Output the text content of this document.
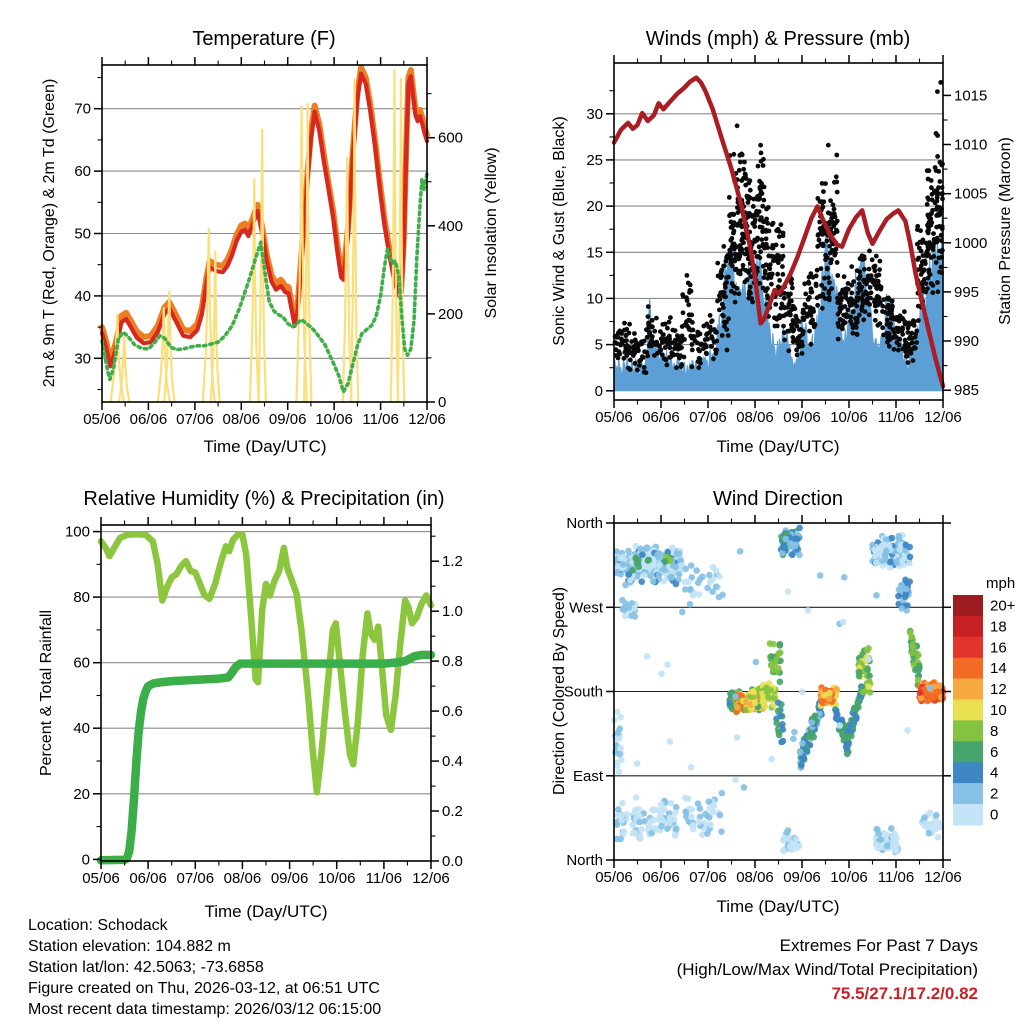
05/06 06/06 07/06 08/06 09/06 10/06 11/06 12/06
30
40
50
60
70
0
200
400
600
05/06 06/06 07/06 08/06 09/06 10/06 11/06 12/06
0
5
10
15
20
25
30
985
990
995
1000
1005
1010
1015
05/06 06/06 07/06 08/06 09/06 10/06 11/06 12/06
0
20
40
60
80
100
0.0
0.2
0.4
0.6
0.8
1.0
1.2
05/06 06/06 07/06 08/06 09/06 10/06 11/06 12/06
North
West
South
East
North
20+
18
16
14
12
10
8
6
4
2
0
Temperature (F)	Winds (mph) & Pressure (mb)
Relative Humidity (%) & Precipitation (in)	Wind Direction
2m & 9m T (Red, Orange) & 2m Td (Green)	Solar Insolation (Yellow)	Sonic Wind & Gust (Blue, Black)	Station Pressure (Maroon)
Percent & Total Rainfall	Direction (Colored By Speed)
Time (Day/UTC)	Time (Day/UTC)
Time (Day/UTC)	Time (Day/UTC)
mph
Location: Schodack
Station elevation: 104.882 m
Station lat/lon: 42.5063; -73.6858
Figure created on Thu, 2026-03-12, at 06:51 UTC
Most recent data timestamp: 2026/03/12 06:15:00
Extremes For Past 7 Days
(High/Low/Max Wind/Total Precipitation)
75.5/27.1/17.2/0.82
